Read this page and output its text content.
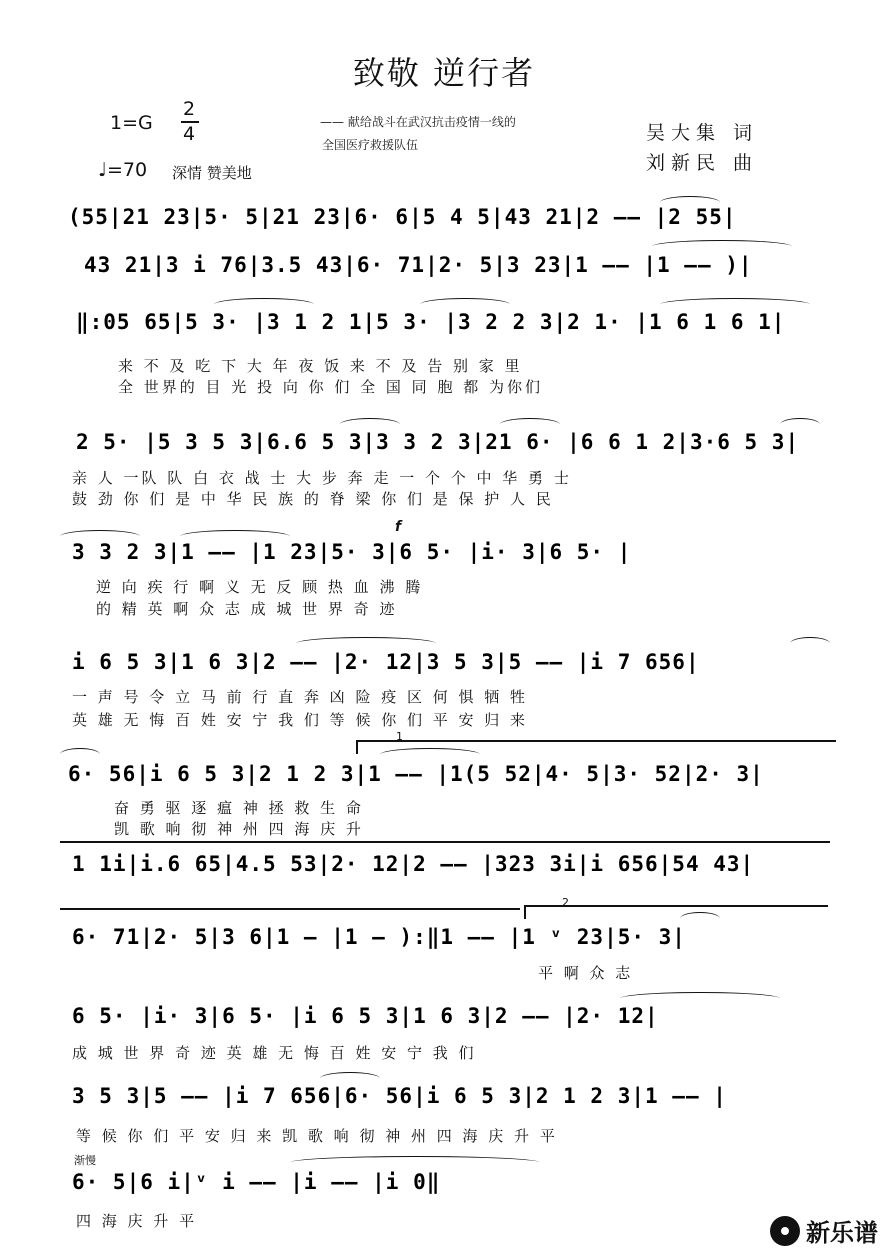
致敬 逆行者
1=G
2
4
♩=70 深情 赞美地
—— 献给战斗在武汉抗击疫情一线的
全国医疗救援队伍
吴大集 词
刘新民 曲
(55|21 23|5· 5|21 23|6· 6|5 4 5|43 21|2 —— |2 55|
43 21|3 i 76|3.5 43|6· 71|2· 5|3 23|1 —— |1 —— )|
‖:05 65|5 3· |3 1 2 1|5 3· |3 2 2 3|2 1· |1 6 1 6 1|
来 不 及 吃 下 大 年 夜 饭 来 不 及 告 别 家 里
全 世界的 目 光 投 向 你 们 全 国 同 胞 都 为你们
2 5· |5 3 5 3|6.6 5 3|3 3 2 3|21 6· |6 6 1 2|3·6 5 3|
亲 人 一队 队 白 衣 战 士 大 步 奔 走 一 个 个 中 华 勇 士
鼓 劲 你 们 是 中 华 民 族 的 脊 梁 你 们 是 保 护 人 民
f
3 3 2 3|1 —— |1 23|5· 3|6 5· |i· 3|6 5· |
逆 向 疾 行 啊 义 无 反 顾 热 血 沸 腾
的 精 英 啊 众 志 成 城 世 界 奇 迹
i 6 5 3|1 6 3|2 —— |2· 12|3 5 3|5 —— |i 7 656|
一 声 号 令 立 马 前 行 直 奔 凶 险 疫 区 何 惧 牺 牲
英 雄 无 悔 百 姓 安 宁 我 们 等 候 你 们 平 安 归 来
1
6· 56|i 6 5 3|2 1 2 3|1 —— |1(5 52|4· 5|3· 52|2· 3|
奋 勇 驱 逐 瘟 神 拯 救 生 命
凯 歌 响 彻 神 州 四 海 庆 升
1 1i|i.6 65|4.5 53|2· 12|2 —— |323 3i|i 656|54 43|
2
6· 71|2· 5|3 6|1 — |1 — ):‖1 —— |1 ᵛ 23|5· 3|
平 啊 众 志
6 5· |i· 3|6 5· |i 6 5 3|1 6 3|2 —— |2· 12|
成 城 世 界 奇 迹 英 雄 无 悔 百 姓 安 宁 我 们
3 5 3|5 —— |i 7 656|6· 56|i 6 5 3|2 1 2 3|1 —— |
等 候 你 们 平 安 归 来 凯 歌 响 彻 神 州 四 海 庆 升 平
渐慢
6· 5|6 i|ᵛ i —— |i —— |i 0‖
四 海 庆 升 平	新乐谱
